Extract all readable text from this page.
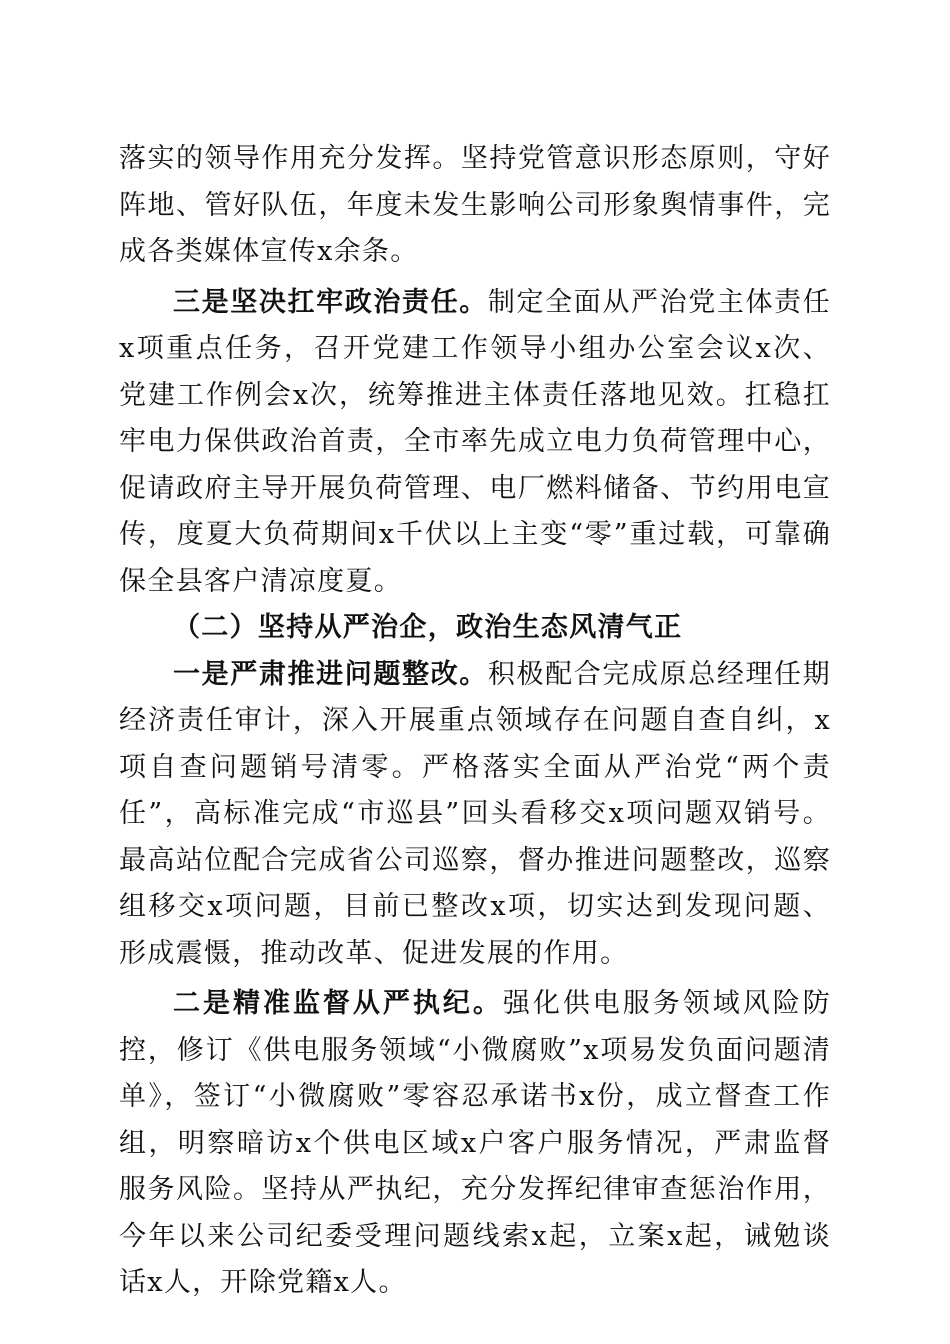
落实的领导作用充分发挥。坚持党管意识形态原则，守好阵地、管好队伍，年度未发生影响公司形象舆情事件，完成各类媒体宣传x余条。

三是坚决扛牢政治责任。制定全面从严治党主体责任x项重点任务，召开党建工作领导小组办公室会议x次、党建工作例会x次，统筹推进主体责任落地见效。扛稳扛牢电力保供政治首责，全市率先成立电力负荷管理中心，促请政府主导开展负荷管理、电厂燃料储备、节约用电宣传，度夏大负荷期间x千伏以上主变“零”重过载，可靠确保全县客户清凉度夏。

（二）坚持从严治企，政治生态风清气正

一是严肃推进问题整改。积极配合完成原总经理任期经济责任审计，深入开展重点领域存在问题自查自纠，x项自查问题销号清零。严格落实全面从严治党“两个责任”，高标准完成“市巡县”回头看移交x项问题双销号。最高站位配合完成省公司巡察，督办推进问题整改，巡察组移交x项问题，目前已整改x项，切实达到发现问题、形成震慑，推动改革、促进发展的作用。

二是精准监督从严执纪。强化供电服务领域风险防控，修订《供电服务领域“小微腐败”x项易发负面问题清单》，签订“小微腐败”零容忍承诺书x份，成立督查工作组，明察暗访x个供电区域x户客户服务情况，严肃监督服务风险。坚持从严执纪，充分发挥纪律审查惩治作用，今年以来公司纪委受理问题线索x起，立案x起，诫勉谈话x人，开除党籍x人。
